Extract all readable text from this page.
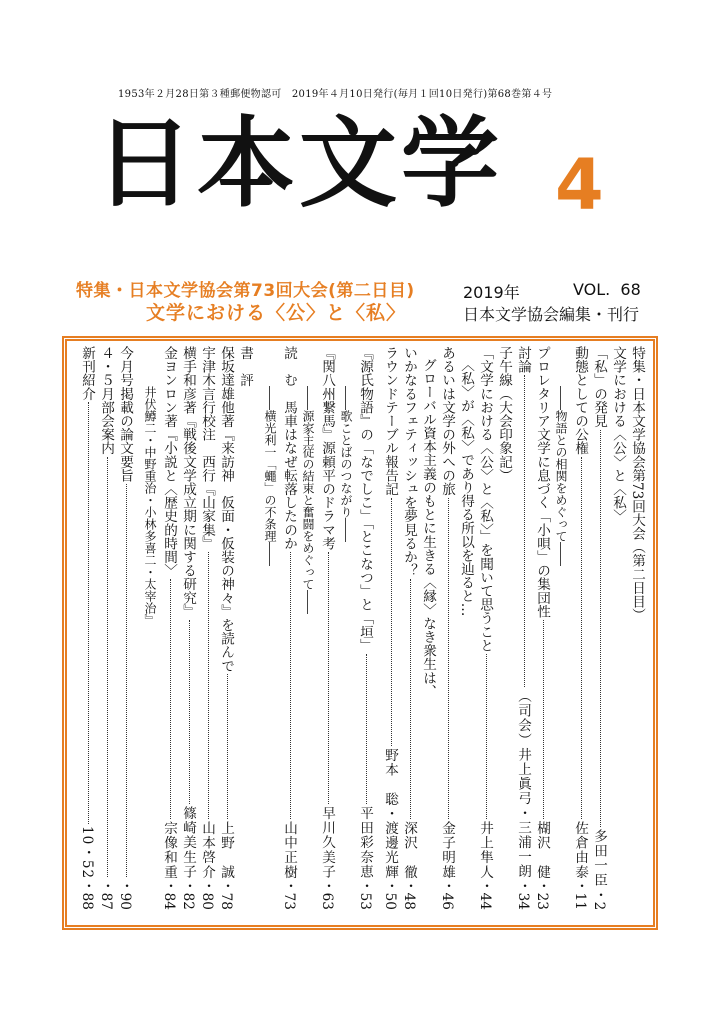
1953年２月28日第３種郵便物認可　2019年４月10日発行(毎月１回10日発行)第68巻第４号
日本文学 4
特集・日本文学協会第73回大会(第二日目)
文学における〈公〉と〈私〉
2019年	VOL.  68
日本文学協会編集・刊行
特集・日本文学協会第73回大会（第二日目）
文学における〈公〉と〈私〉
「私」の発見
多田一臣
・2
動態としての公権
佐倉由泰
・11
――物語との相関をめぐって――
プロレタリア文学に息づく「小唄」の集団性
楜沢　健
・23
討論
（司会）井上眞弓・三浦一朗
・34
子午線（大会印象記）
「文学における〈公〉と〈私〉」を聞いて思うこと
井上隼人
・44
〈私〉が〈私〉であり得る所以を辿ると…
あるいは文学の外への旅
金子明雄
・46
グローバル資本主義のもとに生きる〈縁〉なき衆生は、
いかなるフェティッシュを夢見るか？
深沢　徹
・48
ラウンドテーブル報告記
野本　聡・渡邊光輝
・50
『源氏物語』の「なでしこ」「とこなつ」と「垣」
平田彩奈恵
・53
――歌ことばのつながり――
『関八州繋馬』源頼平のドラマ考
早川久美子
・63
――源家主従の結束と奮闘をめぐって――
読　む　馬車はなぜ転落したのか
山中正樹
・73
――横光利一「蠅」の不条理――
書　評
保坂達雄他著『来訪神　仮面・仮装の神々』を読んで
上野　誠
・78
宇津木言行校注　西行『山家集』
山本啓介
・80
横手和彦著『戦後文学成立期に関する研究』
篠崎美生子
・82
金ヨンロン著『小説と〈歴史的時間〉
宗像和重
・84
井伏鱒二・中野重治・小林多喜二・太宰治』
今月号掲載の論文要旨
・90
４・５月部会案内
・87
新刊紹介
10・52
・88
